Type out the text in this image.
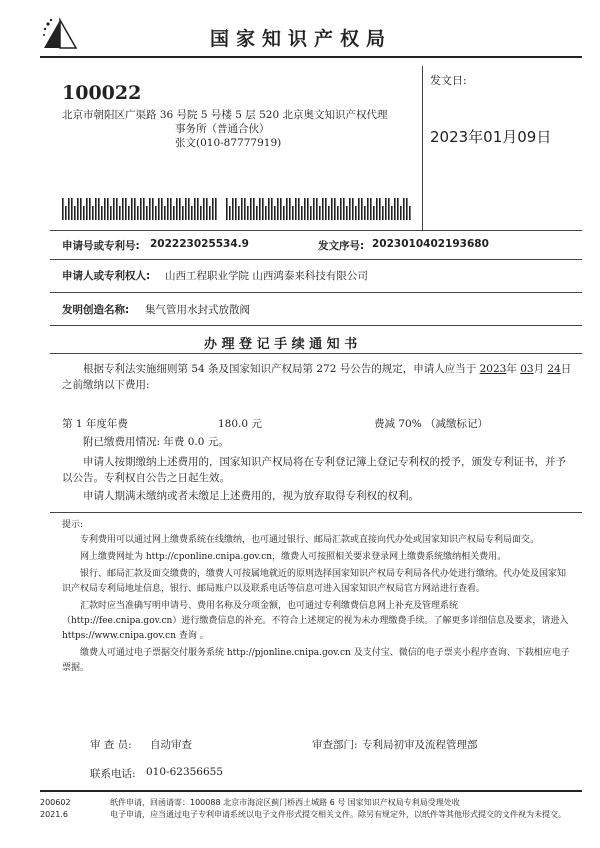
国家知识产权局
100022
北京市朝阳区广渠路 36 号院 5 号楼 5 层 520 北京奥文知识产权代理
事务所（普通合伙）
张文(010-87777919)
发文日:
2023年01月09日
申请号或专利号: 202223025534.9	发文序号: 2023010402193680
申请人或专利权人: 山西工程职业学院 山西鸿泰来科技有限公司
发明创造名称: 集气管用水封式放散阀
办 理 登 记 手 续 通 知 书
根据专利法实施细则第 54 条及国家知识产权局第 272 号公告的规定，申请人应当于 2023年 03月 24日之前缴纳以下费用:
第 1 年度年费	180.0 元	费减 70% （减缴标记）
附已缴费用情况: 年费 0.0 元。
申请人按期缴纳上述费用的，国家知识产权局将在专利登记簿上登记专利权的授予，颁发专利证书，并予以公告。专利权自公告之日起生效。
申请人期满未缴纳或者未缴足上述费用的，视为放弃取得专利权的权利。
提示:
专利费用可以通过网上缴费系统在线缴纳，也可通过银行、邮局汇款或直接向代办处或国家知识产权局专利局面交。
网上缴费网址为 http://cponline.cnipa.gov.cn，缴费人可按照相关要求登录网上缴费系统缴纳相关费用。
银行、邮局汇款及面交缴费的，缴费人可按属地就近的原则选择国家知识产权局专利局各代办处进行缴纳。代办处及国家知识产权局专利局地址信息，银行、邮局账户以及联系电话等信息可进入国家知识产权局官方网站进行查看。
汇款时应当准确写明申请号、费用名称及分项金额，也可通过专利缴费信息网上补充及管理系统（http://fee.cnipa.gov.cn）进行缴费信息的补充。不符合上述规定的视为未办理缴费手续。了解更多详细信息及要求，请进入 https://www.cnipa.gov.cn 查询 。
缴费人可通过电子票据交付服务系统 http://pjonline.cnipa.gov.cn 及支付宝、微信的电子票夹小程序查询、下载相应电子票据。
审 查 员: 自动审查	审查部门: 专利局初审及流程管理部
联系电话: 010-62356655
200602
2021.6
纸件申请，回函请寄：100088 北京市海淀区蓟门桥西土城路 6 号 国家知识产权局专利局受理处收
电子申请，应当通过电子专利申请系统以电子文件形式提交相关文件。除另有规定外，以纸件等其他形式提交的文件视为未提交。
